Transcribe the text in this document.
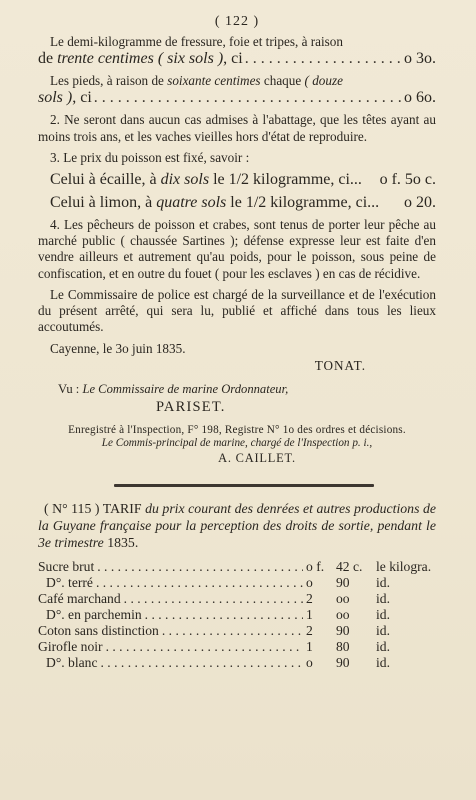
( 122 )

Le demi-kilogramme de fressure, foie et tripes, à raison

de trente centimes ( six sols ), ci . . .	o 3o.

Les pieds, à raison de soixante centimes chaque ( douze

sols ), ci . . .	o 6o.

2. Ne seront dans aucun cas admises à l'abattage, que les têtes ayant au moins trois ans, et les vaches vieilles hors d'état de reproduire.

3. Le prix du poisson est fixé, savoir :

Celui à écaille, à dix sols le 1/2 kilogramme, ci... o f. 5o c.
Celui à limon, à quatre sols le 1/2 kilogramme, ci... o 20.

4. Les pêcheurs de poisson et crabes, sont tenus de porter leur pêche au marché public ( chaussée Sartines ); défense expresse leur est faite d'en vendre ailleurs et autrement qu'au poids, pour le poisson, sous peine de confiscation, et en outre du fouet ( pour les esclaves ) en cas de récidive.

Le Commissaire de police est chargé de la surveillance et de l'exécution du présent arrêté, qui sera lu, publié et affiché dans tous les lieux accoutumés.

Cayenne, le 3o juin 1835.
TONAT.
Vu : Le Commissaire de marine Ordonnateur,
PARISET.
Enregistré à l'Inspection, F° 198, Registre N° 1o des ordres et décisions.
Le Commis-principal de marine, chargé de l'Inspection p. i.,
A. CAILLET.

( N° 115 ) TARIF du prix courant des denrées et autres productions de la Guyane française pour la perception des droits de sortie, pendant le 3e trimestre 1835.

Sucre brut . . .	o f. 42 c. le kilogra.
D°. terré . . .	o	90	id.
Café marchand . . .	2	oo	id.
D°. en parchemin . . .	1	oo	id.
Coton sans distinction . . .	2	90	id.
Girofle noir . . .	1	80	id.
D°. blanc . . .	o	90	id.
